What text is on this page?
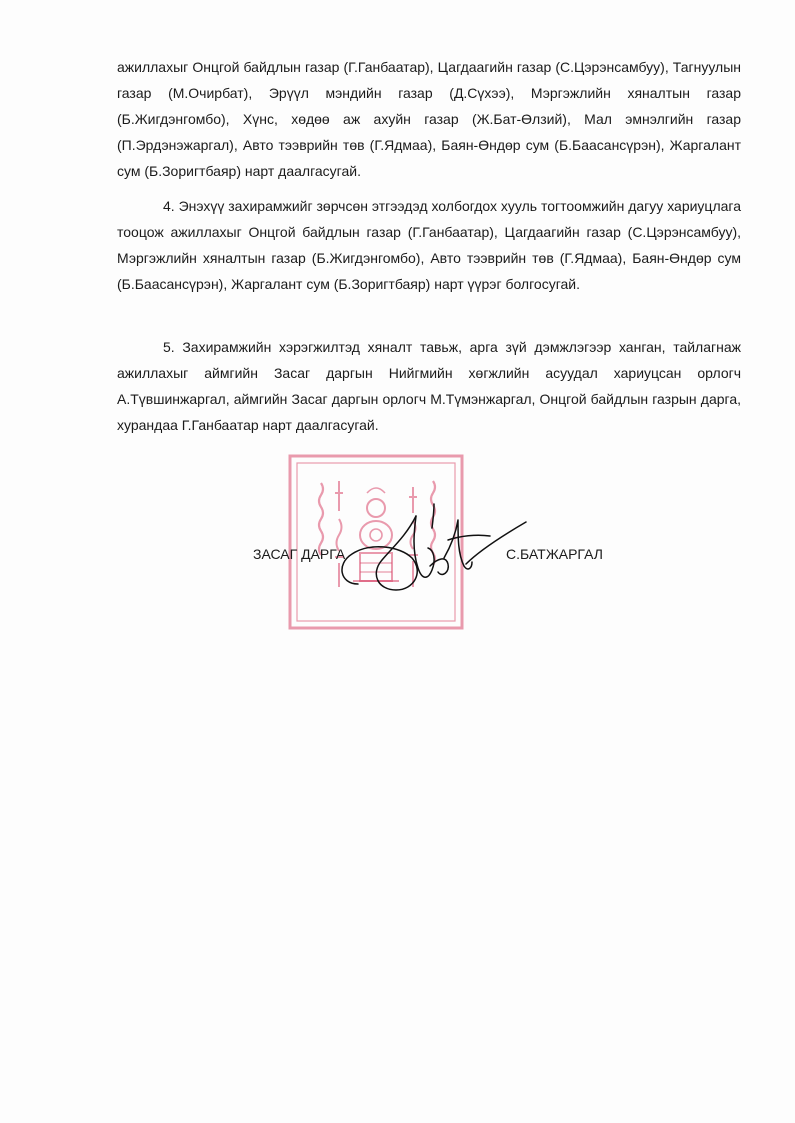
ажиллахыг Онцгой байдлын газар (Г.Ганбаатар), Цагдаагийн газар (С.Цэрэнсамбуу), Тагнуулын газар (М.Очирбат), Эрүүл мэндийн газар (Д.Сүхээ), Мэргэжлийн хяналтын газар (Б.Жигдэнгомбо), Хүнс, хөдөө аж ахуйн газар (Ж.Бат-Өлзий), Мал эмнэлгийн газар (П.Эрдэнэжаргал), Авто тээврийн төв (Г.Ядмаа), Баян-Өндөр сум (Б.Баасансүрэн), Жаргалант сум (Б.Зоригтбаяр) нарт даалгасугай.

4. Энэхүү захирамжийг зөрчсөн этгээдэд холбогдох хууль тогтоомжийн дагуу хариуцлага тооцож ажиллахыг Онцгой байдлын газар (Г.Ганбаатар), Цагдаагийн газар (С.Цэрэнсамбуу), Мэргэжлийн хяналтын газар (Б.Жигдэнгомбо), Авто тээврийн төв (Г.Ядмаа), Баян-Өндөр сум (Б.Баасансүрэн), Жаргалант сум (Б.Зоригтбаяр) нарт үүрэг болгосугай.

5. Захирамжийн хэрэгжилтэд хяналт тавьж, арга зүй дэмжлэгээр ханган, тайлагнаж ажиллахыг аймгийн Засаг даргын Нийгмийн хөгжлийн асуудал хариуцсан орлогч А.Түвшинжаргал, аймгийн Засаг даргын орлогч М.Түмэнжаргал, Онцгой байдлын газрын дарга, хурандаа Г.Ганбаатар нарт даалгасугай.

ЗАСАГ ДАРГА	С.БАТЖАРГАЛ
